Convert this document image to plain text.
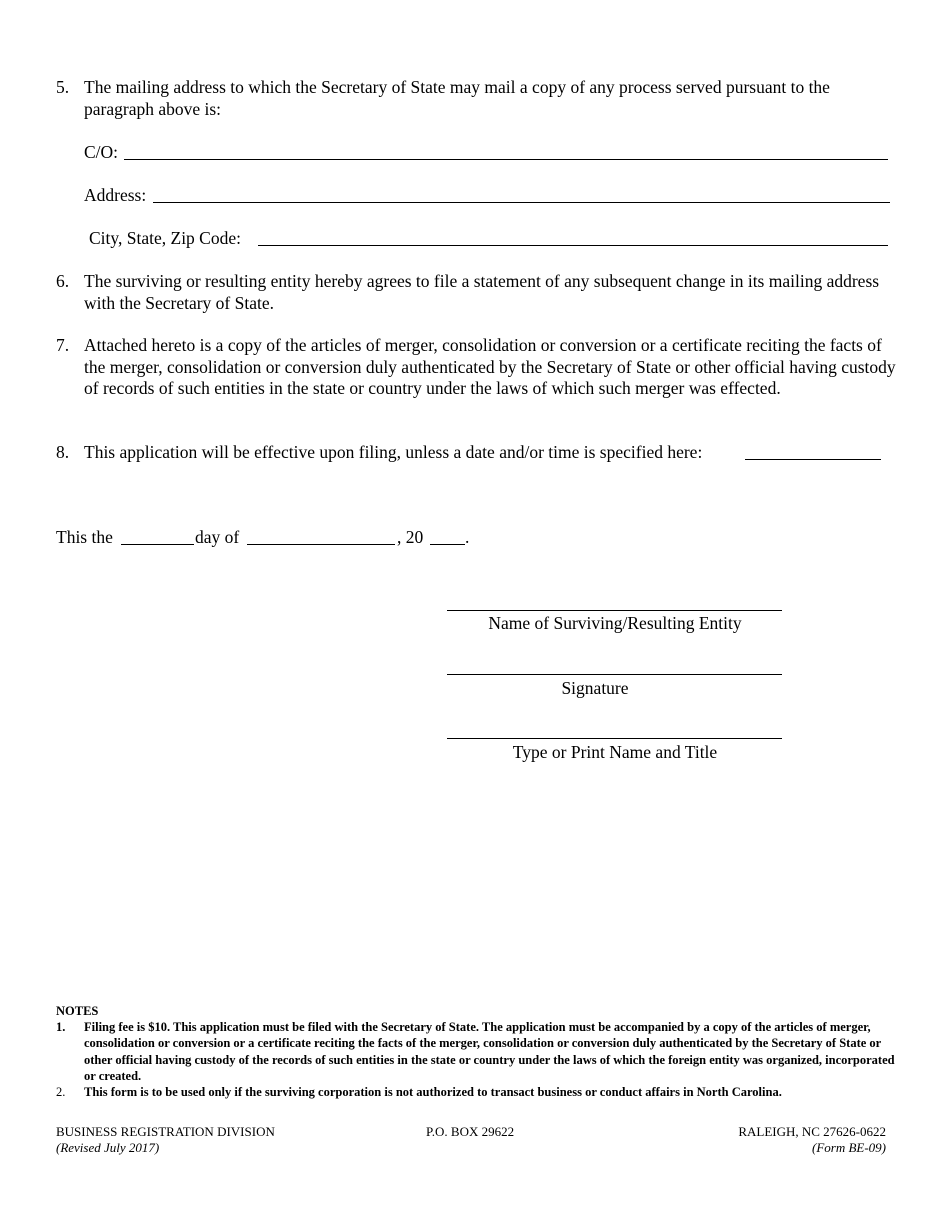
5. The mailing address to which the Secretary of State may mail a copy of any process served pursuant to the paragraph above is:
C/O:
Address:
City, State, Zip Code:
6. The surviving or resulting entity hereby agrees to file a statement of any subsequent change in its mailing address with the Secretary of State.
7. Attached hereto is a copy of the articles of merger, consolidation or conversion or a certificate reciting the facts of the merger, consolidation or conversion duly authenticated by the Secretary of State or other official having custody of records of such entities in the state or country under the laws of which such merger was effected.
8. This application will be effective upon filing, unless a date and/or time is specified here:
This the	day of	, 20 .
Name of Surviving/Resulting Entity
Signature
Type or Print Name and Title
NOTES
1. Filing fee is $10. This application must be filed with the Secretary of State. The application must be accompanied by a copy of the articles of merger, consolidation or conversion or a certificate reciting the facts of the merger, consolidation or conversion duly authenticated by the Secretary of State or other official having custody of the records of such entities in the state or country under the laws of which the foreign entity was organized, incorporated or created.
2. This form is to be used only if the surviving corporation is not authorized to transact business or conduct affairs in North Carolina.
BUSINESS REGISTRATION DIVISION
(Revised July 2017)
P.O. BOX 29622	RALEIGH, NC 27626-0622
(Form BE-09)
